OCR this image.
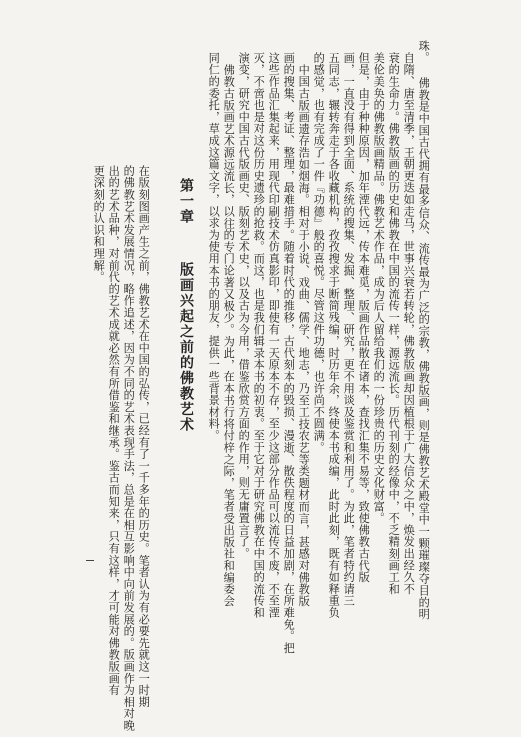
珠。 佛教是中国古代拥有最多信众、流传最为广泛的宗教，佛教版画，则是佛教艺术殿堂中一颗璀璨夺目的明
自隋、唐至清季，王朝更迭如走马，世事兴衰若转轮，佛教版画却因植根于广大信众之中，焕发出经久不
衰的生命力。佛教版画的历史和佛教在中国的流传一样，源远流长。历代刊刻的经像中，不乏精刻画工和
美伦美奂的佛教版画精品。佛教艺术作品，成为后人留给我们的一份珍贵的历史文化财富。
但是，由于种种原因，加年湮代远，传本难觅，版画作品散在诸本，查找汇集不易等，致使佛教古代版
画，一直没有得到全面、系统的搜集、发掘、整理、研究，更不用谈及鉴赏和利用了。为此，笔者特约请三
五同志，辗转奔走于各收藏机构，孜孜搜求于断简残编，时历年余，终使本书成编，此时此刻，既有如释重负
的感觉，也有完成了一件『功德』般的喜悦。尽管这件功德，也许尚不圆满。
中国古版画遗存浩如烟海。相对于小说、戏曲、儒学、地志，乃至工技农艺等类题材而言，甚感对佛教版
画的搜集、考证、整理，最难措手。随着时代的推移，古代刻本的毁损、漫逝、散佚程度的日益加剧，在所难免。把
这些作品汇集起来，用现代印刷技术仿真影印，即使有一天原本不存，至少这部分作品可以流传不废，不至湮
灭，不啻也是对这份历史遗珍的抢救。而这，也是我们辑录本书的初衷。至于它对于研究佛教在中国的流传和
演变，研究中国古代版画史、版刻艺术史，以及古为今用，借鉴欣赏方面的作用，则无庸置言了。
佛教古版画艺术源远流长，以往的专门论著又极少。为此，在本书行将付梓之际，笔者受出版社和编委会
同仁的委托，草成这篇文字，以求为使用本书的朋友，提供一些背景材料。
第一章
版画兴起之前的佛教艺术
在版刻图画产生之前，佛教艺术在中国的弘传，已经有了一千多年的历史。笔者认为有必要先就这一时期
的佛教艺术发展情况，略作追述，因为不同的艺术表现手法，总是在相互影响中向前发展的。版画作为相对晚
出的艺术品种，对前代的艺术成就必然有所借鉴和继承。鉴古而知来，只有这样，才可能对佛教版画有
更深刻的认识和理解。
